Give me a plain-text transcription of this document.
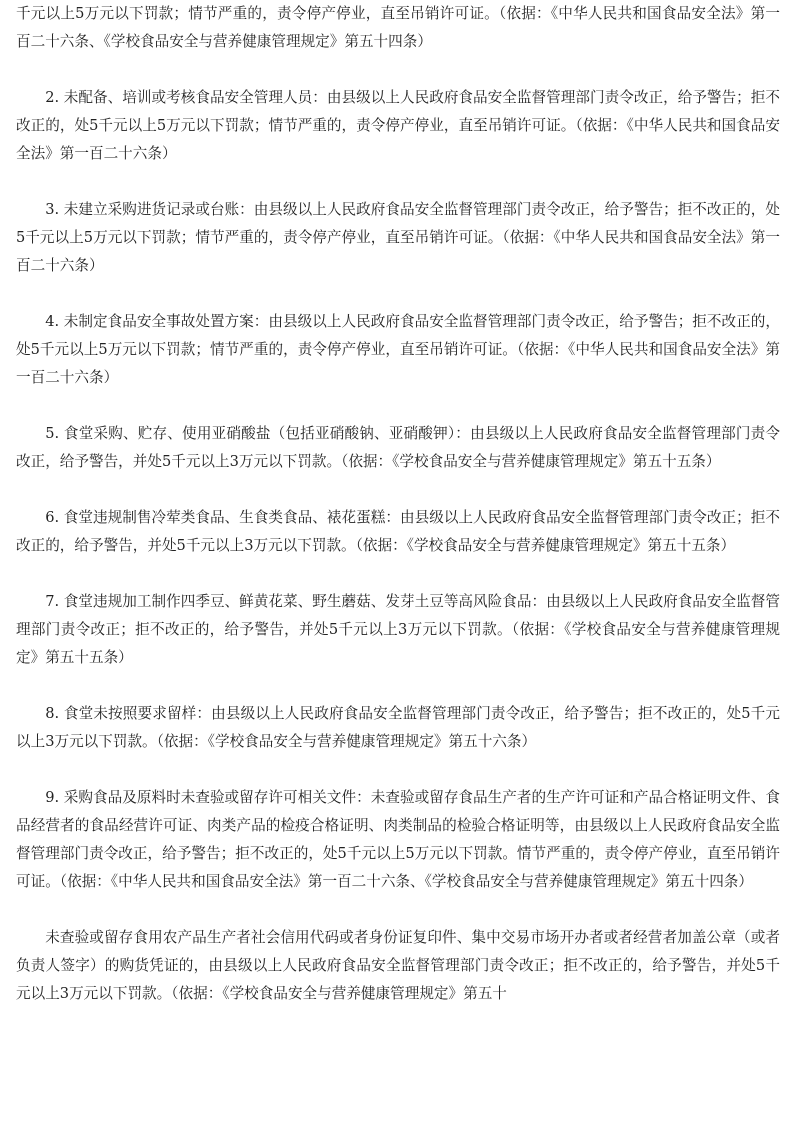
千元以上5万元以下罚款；情节严重的，责令停产停业，直至吊销许可证。（依据：《中华人民共和国食品安全法》第一百二十六条、《学校食品安全与营养健康管理规定》第五十四条）

2. 未配备、培训或考核食品安全管理人员：由县级以上人民政府食品安全监督管理部门责令改正，给予警告；拒不改正的，处5千元以上5万元以下罚款；情节严重的，责令停产停业，直至吊销许可证。（依据：《中华人民共和国食品安全法》第一百二十六条）

3. 未建立采购进货记录或台账：由县级以上人民政府食品安全监督管理部门责令改正，给予警告；拒不改正的，处5千元以上5万元以下罚款；情节严重的，责令停产停业，直至吊销许可证。（依据：《中华人民共和国食品安全法》第一百二十六条）

4. 未制定食品安全事故处置方案：由县级以上人民政府食品安全监督管理部门责令改正，给予警告；拒不改正的，处5千元以上5万元以下罚款；情节严重的，责令停产停业，直至吊销许可证。（依据：《中华人民共和国食品安全法》第一百二十六条）

5. 食堂采购、贮存、使用亚硝酸盐（包括亚硝酸钠、亚硝酸钾）：由县级以上人民政府食品安全监督管理部门责令改正，给予警告，并处5千元以上3万元以下罚款。（依据：《学校食品安全与营养健康管理规定》第五十五条）

6. 食堂违规制售冷荤类食品、生食类食品、裱花蛋糕：由县级以上人民政府食品安全监督管理部门责令改正；拒不改正的，给予警告，并处5千元以上3万元以下罚款。（依据：《学校食品安全与营养健康管理规定》第五十五条）

7. 食堂违规加工制作四季豆、鲜黄花菜、野生蘑菇、发芽土豆等高风险食品：由县级以上人民政府食品安全监督管理部门责令改正；拒不改正的，给予警告，并处5千元以上3万元以下罚款。（依据：《学校食品安全与营养健康管理规定》第五十五条）

8. 食堂未按照要求留样：由县级以上人民政府食品安全监督管理部门责令改正，给予警告；拒不改正的，处5千元以上3万元以下罚款。（依据：《学校食品安全与营养健康管理规定》第五十六条）

9. 采购食品及原料时未查验或留存许可相关文件：未查验或留存食品生产者的生产许可证和产品合格证明文件、食品经营者的食品经营许可证、肉类产品的检疫合格证明、肉类制品的检验合格证明等，由县级以上人民政府食品安全监督管理部门责令改正，给予警告；拒不改正的，处5千元以上5万元以下罚款。情节严重的，责令停产停业，直至吊销许可证。（依据：《中华人民共和国食品安全法》第一百二十六条、《学校食品安全与营养健康管理规定》第五十四条）

未查验或留存食用农产品生产者社会信用代码或者身份证复印件、集中交易市场开办者或者经营者加盖公章（或者负责人签字）的购货凭证的，由县级以上人民政府食品安全监督管理部门责令改正；拒不改正的，给予警告，并处5千元以上3万元以下罚款。（依据：《学校食品安全与营养健康管理规定》第五十
